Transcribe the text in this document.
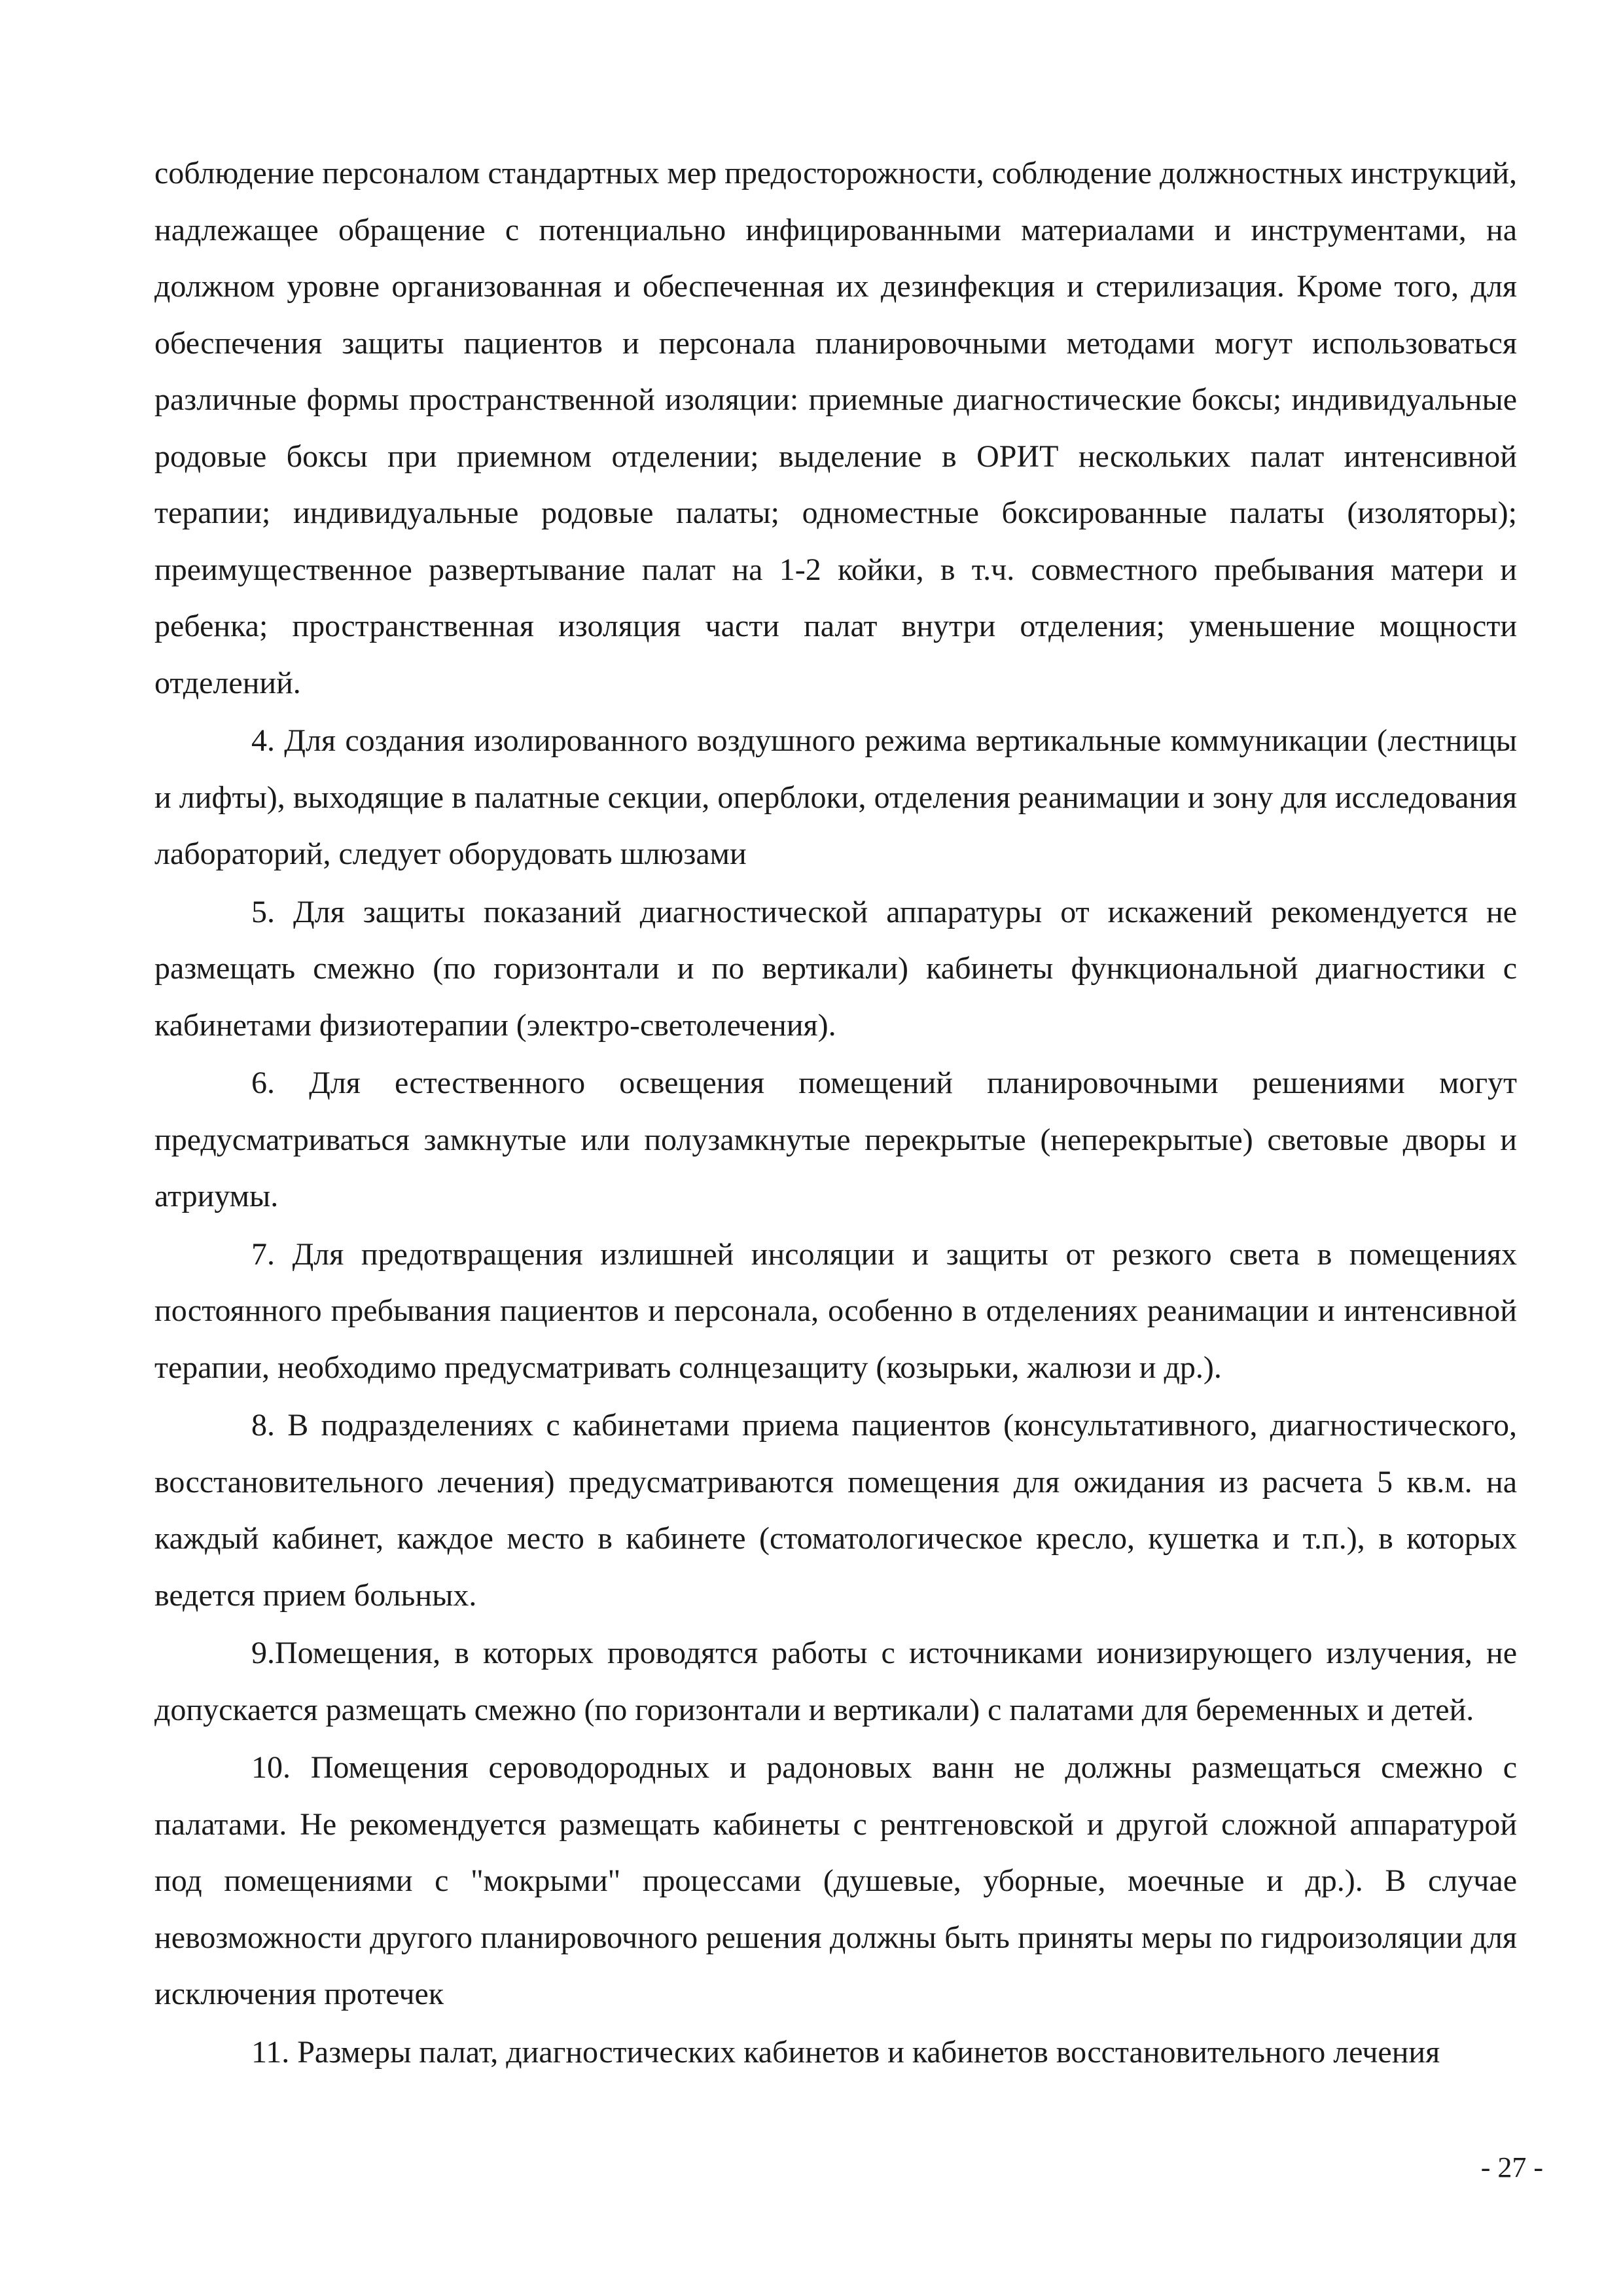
соблюдение персоналом стандартных мер предосторожности, соблюдение должностных инструкций, надлежащее обращение с потенциально инфицированными материалами и инструментами, на должном уровне организованная и обеспеченная их дезинфекция и стерилизация. Кроме того, для обеспечения защиты пациентов и персонала планировочными методами могут использоваться различные формы пространственной изоляции: приемные диагностические боксы; индивидуальные родовые боксы при приемном отделении; выделение в ОРИТ нескольких палат интенсивной терапии; индивидуальные родовые палаты; одноместные боксированные палаты (изоляторы); преимущественное развертывание палат на 1-2 койки, в т.ч. совместного пребывания матери и ребенка; пространственная изоляция части палат внутри отделения; уменьшение мощности отделений.

4. Для создания изолированного воздушного режима вертикальные коммуникации (лестницы и лифты), выходящие в палатные секции, оперблоки, отделения реанимации и зону для исследования лабораторий, следует оборудовать шлюзами

5. Для защиты показаний диагностической аппаратуры от искажений рекомендуется не размещать смежно (по горизонтали и по вертикали) кабинеты функциональной диагностики с кабинетами физиотерапии (электро-светолечения).

6. Для естественного освещения помещений планировочными решениями могут предусматриваться замкнутые или полузамкнутые перекрытые (неперекрытые) световые дворы и атриумы.

7. Для предотвращения излишней инсоляции и защиты от резкого света в помещениях постоянного пребывания пациентов и персонала, особенно в отделениях реанимации и интенсивной терапии, необходимо предусматривать солнцезащиту (козырьки, жалюзи и др.).

8. В подразделениях с кабинетами приема пациентов (консультативного, диагностического, восстановительного лечения) предусматриваются помещения для ожидания из расчета 5 кв.м. на каждый кабинет, каждое место в кабинете (стоматологическое кресло, кушетка и т.п.), в которых ведется прием больных.

9.Помещения, в которых проводятся работы с источниками ионизирующего излучения, не допускается размещать смежно (по горизонтали и вертикали) с палатами для беременных и детей.

10. Помещения сероводородных и радоновых ванн не должны размещаться смежно с палатами. Не рекомендуется размещать кабинеты с рентгеновской и другой сложной аппаратурой под помещениями с "мокрыми" процессами (душевые, уборные, моечные и др.). В случае невозможности другого планировочного решения должны быть приняты меры по гидроизоляции для исключения протечек

11. Размеры палат, диагностических кабинетов и кабинетов восстановительного лечения

- 27 -
